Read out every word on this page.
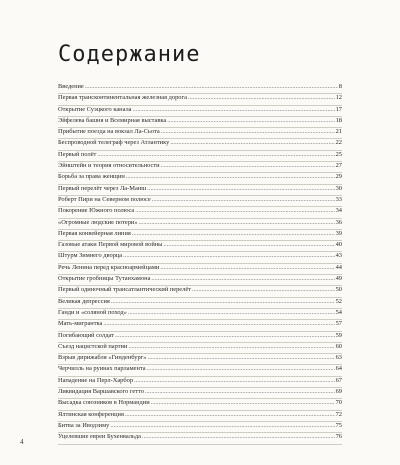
Содержание
Введение .....	8
Первая трансконтинентальная железная дорога .....	12
Открытие Суэцкого канала .....	17
Эйфелева башня и Всемирная выставка .....	18
Прибытие поезда на вокзал Ла-Сьота .....	21
Беспроводной телеграф через Атлантику .....	22
Первый полёт .....	25
Эйнштейн и теория относительности .....	27
Борьба за права женщин .....	29
Первый перелёт через Ла-Манш .....	30
Роберт Пири на Северном полюсе .....	33
Покорение Южного полюса .....	34
«Огромные людские потери» .....	36
Первая конвейерная линия .....	39
Газовые атаки Первой мировой войны .....	40
Штурм Зимнего дворца .....	43
Речь Ленина перед красноармейцами .....	44
Открытие гробницы Тутанхамона .....	49
Первый одиночный трансатлантический перелёт .....	50
Великая депрессия .....	52
Ганди и «соляной поход» .....	54
Мать-мигрантка .....	57
Погибающий солдат .....	59
Съезд нацистской партии .....	60
Взрыв дирижабля «Гинденбург» .....	63
Черчилль на руинах парламента .....	64
Нападение на Перл-Харбор .....	67
Ликвидация Варшавского гетто .....	69
Высадка союзников в Нормандии .....	70
Ялтинская конференция .....	72
Битва за Иводзиму .....	75
Уцелевшие евреи Бухенвальда .....	76
4
